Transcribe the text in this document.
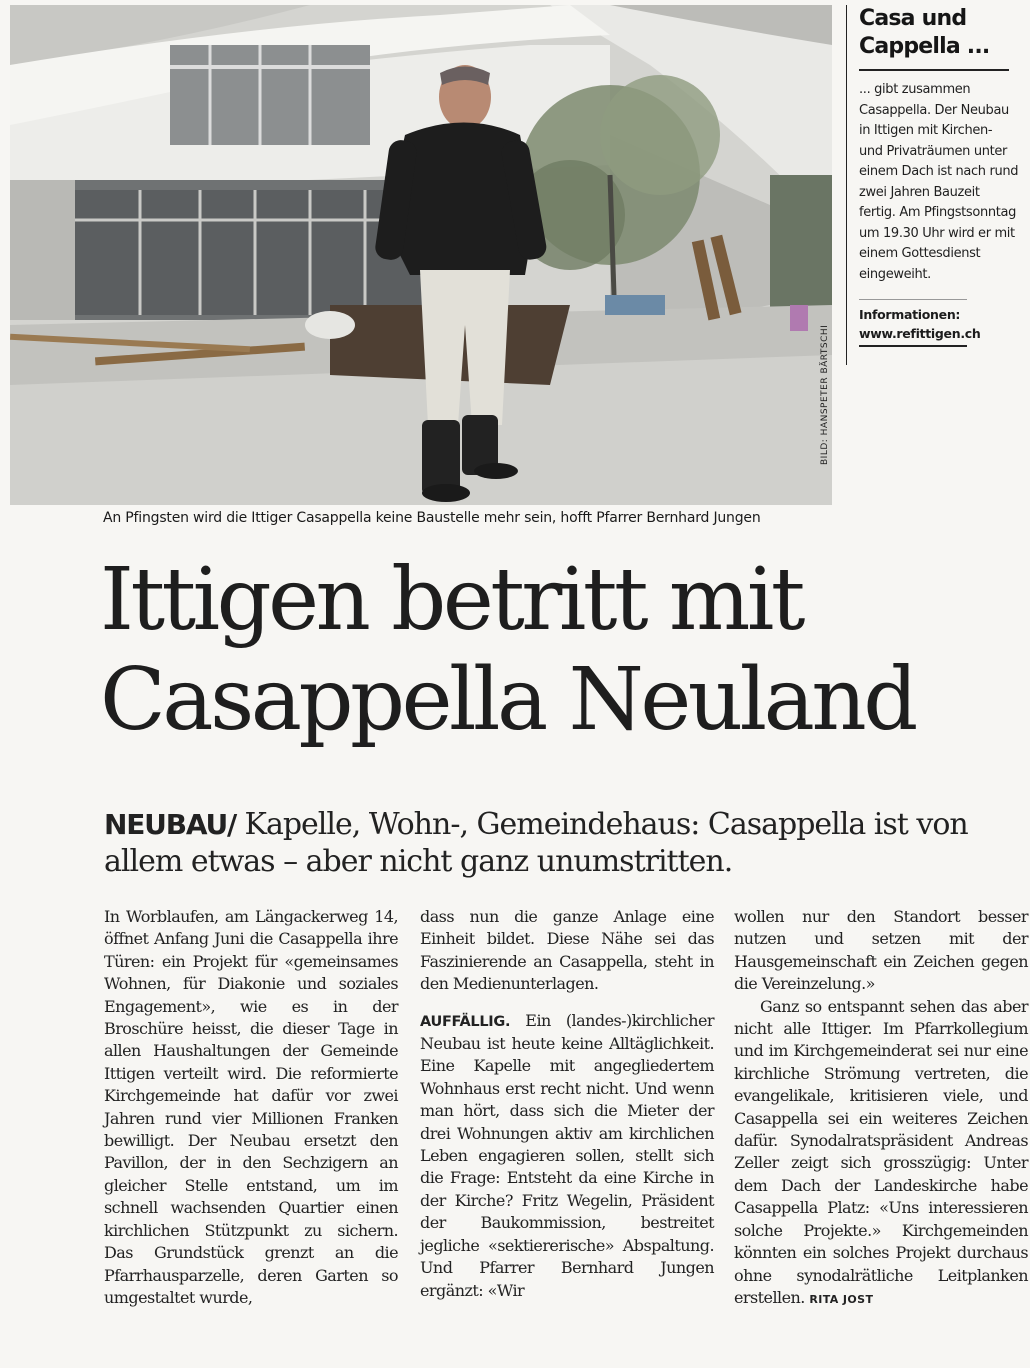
BILD: HANSPETER BÄRTSCHI
An Pfingsten wird die Ittiger Casappella keine Baustelle mehr sein, hofft Pfarrer Bernhard Jungen
Casa und
Cappella ...
... gibt zusammen Casappella. Der Neubau in Ittigen mit Kirchen- und Privaträumen unter einem Dach ist nach rund zwei Jahren Bauzeit fertig. Am Pfingstsonntag um 19.30 Uhr wird er mit einem Gottesdienst eingeweiht.
Informationen:
www.refittigen.ch
Ittigen betritt mit
Casappella Neuland
NEUBAU/ Kapelle, Wohn-, Gemeindehaus: Casappella ist von allem etwas – aber nicht ganz unumstritten.

In Worblaufen, am Längackerweg 14, öffnet Anfang Juni die Casappella ihre Türen: ein Projekt für «gemeinsames Wohnen, für Diakonie und soziales Engagement», wie es in der Broschüre heisst, die dieser Tage in allen Haushaltungen der Gemeinde Ittigen verteilt wird. Die reformierte Kirchgemeinde hat dafür vor zwei Jahren rund vier Millionen Franken bewilligt. Der Neubau ersetzt den Pavillon, der in den Sechzigern an gleicher Stelle entstand, um im schnell wachsenden Quartier einen kirchlichen Stützpunkt zu sichern. Das Grundstück grenzt an die Pfarrhausparzelle, deren Garten so umgestaltet wurde,

dass nun die ganze Anlage eine Einheit bildet. Diese Nähe sei das Faszinierende an Casappella, steht in den Medienunterlagen.

AUFFÄLLIG. Ein (landes-)kirchlicher Neubau ist heute keine Alltäglichkeit. Eine Kapelle mit angegliedertem Wohnhaus erst recht nicht. Und wenn man hört, dass sich die Mieter der drei Wohnungen aktiv am kirchlichen Leben engagieren sollen, stellt sich die Frage: Entsteht da eine Kirche in der Kirche? Fritz Wegelin, Präsident der Baukommission, bestreitet jegliche «sektiererische» Abspaltung. Und Pfarrer Bernhard Jungen ergänzt: «Wir

wollen nur den Standort besser nutzen und setzen mit der Hausgemeinschaft ein Zeichen gegen die Vereinzelung.»

Ganz so entspannt sehen das aber nicht alle Ittiger. Im Pfarrkollegium und im Kirchgemeinderat sei nur eine kirchliche Strömung vertreten, die evangelikale, kritisieren viele, und Casappella sei ein weiteres Zeichen dafür. Synodalratspräsident Andreas Zeller zeigt sich grosszügig: Unter dem Dach der Landeskirche habe Casappella Platz: «Uns interessieren solche Projekte.» Kirchgemeinden könnten ein solches Projekt durchaus ohne synodalrätliche Leitplanken erstellen. RITA JOST
